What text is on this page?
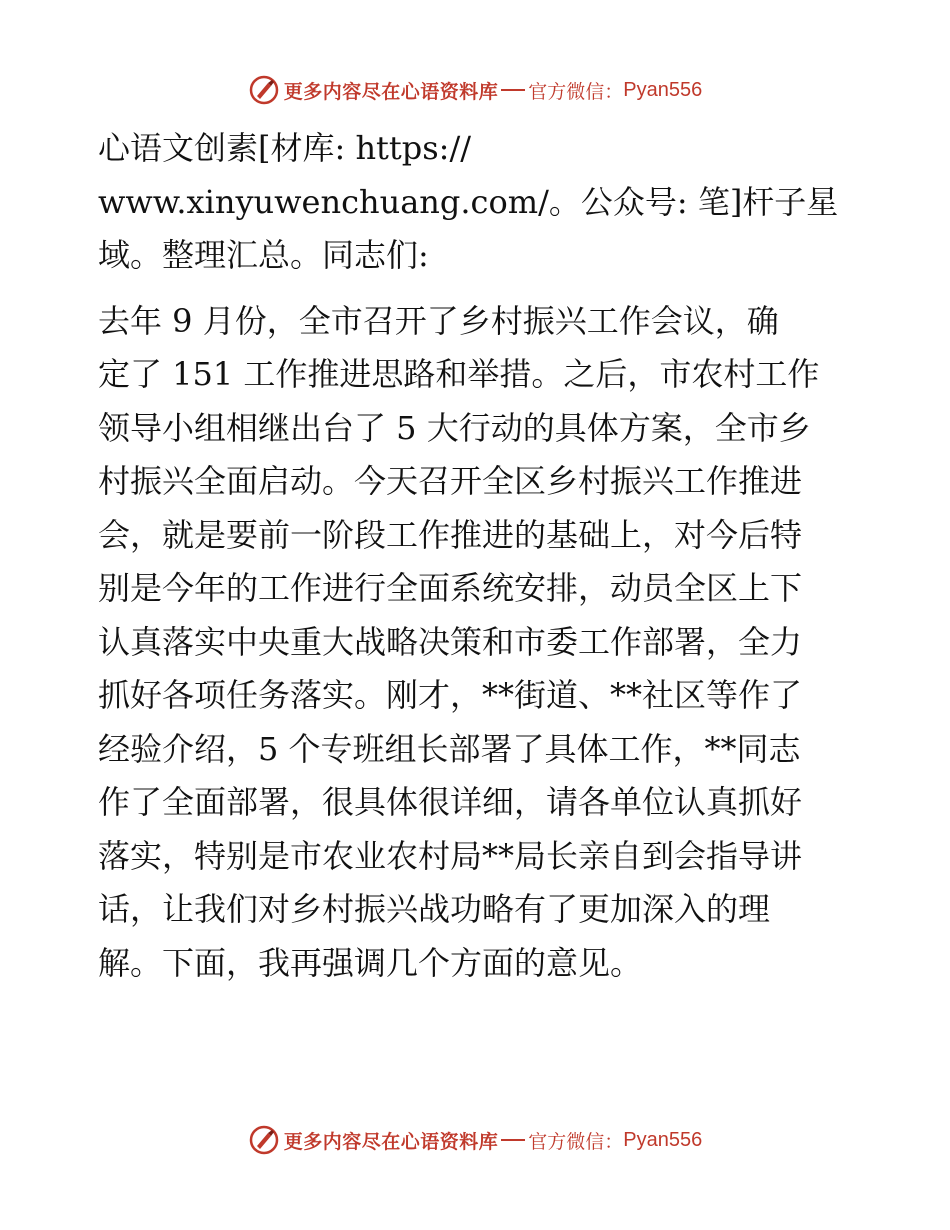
更多内容尽在心语资料库 官方微信： Pyan556

心语文创素[材库: https://
www.xinyuwenchuang.com/。公众号: 笔]杆子星
域。整理汇总。同志们:

去年 9 月份，全市召开了乡村振兴工作会议，确
定了 151 工作推进思路和举措。之后，市农村工作
领导小组相继出台了 5 大行动的具体方案，全市乡
村振兴全面启动。今天召开全区乡村振兴工作推进
会，就是要前一阶段工作推进的基础上，对今后特
别是今年的工作进行全面系统安排，动员全区上下
认真落实中央重大战略决策和市委工作部署，全力
抓好各项任务落实。刚才，**街道、**社区等作了
经验介绍，5 个专班组长部署了具体工作，**同志
作了全面部署，很具体很详细，请各单位认真抓好
落实，特别是市农业农村局**局长亲自到会指导讲
话，让我们对乡村振兴战功略有了更加深入的理
解。下面，我再强调几个方面的意见。

更多内容尽在心语资料库 官方微信： Pyan556
